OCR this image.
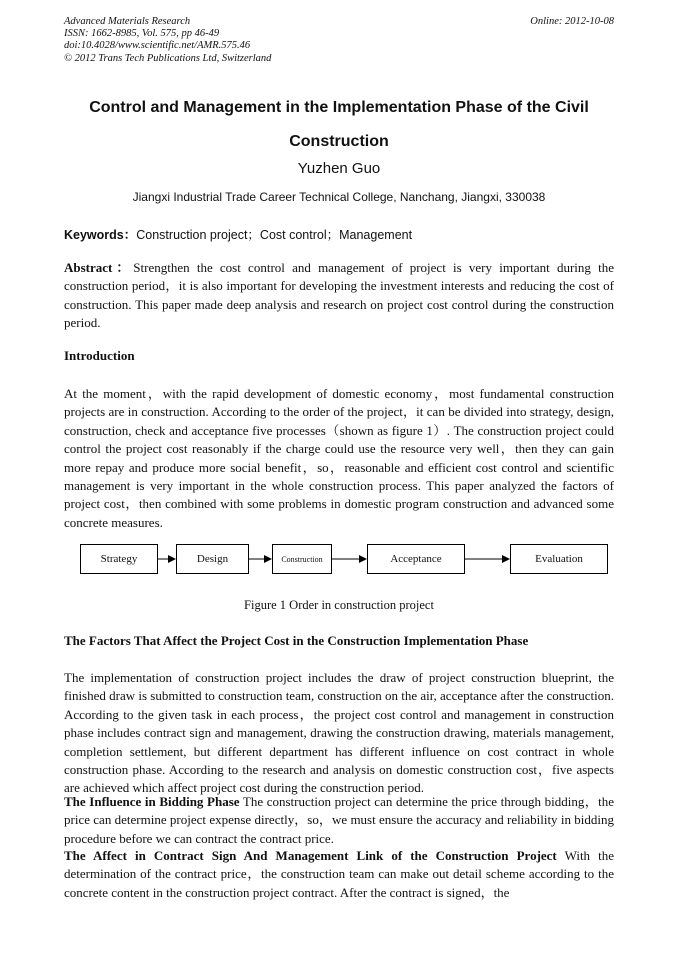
Advanced Materials Research
ISSN: 1662-8985, Vol. 575, pp 46-49
doi:10.4028/www.scientific.net/AMR.575.46
© 2012 Trans Tech Publications Ltd, Switzerland
Online: 2012-10-08
Control and Management in the Implementation Phase of the Civil
Construction
Yuzhen Guo
Jiangxi Industrial Trade Career Technical College, Nanchang, Jiangxi, 330038
Keywords：Construction project；Cost control；Management

Abstract：Strengthen the cost control and management of project is very important during the construction period，it is also important for developing the investment interests and reducing the cost of construction. This paper made deep analysis and research on project cost control during the construction period.

Introduction

At the moment，with the rapid development of domestic economy，most fundamental construction projects are in construction. According to the order of the project，it can be divided into strategy, design, construction, check and acceptance five processes（shown as figure 1）. The construction project could control the project cost reasonably if the charge could use the resource very well，then they can gain more repay and produce more social benefit，so，reasonable and efficient cost control and scientific management is very important in the whole construction process. This paper analyzed the factors of project cost，then combined with some problems in domestic program construction and advanced some concrete measures.

Strategy	Design	Construction	Acceptance	Evaluation
Figure 1 Order in construction project
The Factors That Affect the Project Cost in the Construction Implementation Phase

The implementation of construction project includes the draw of project construction blueprint, the finished draw is submitted to construction team, construction on the air, acceptance after the construction. According to the given task in each process，the project cost control and management in construction phase includes contract sign and management, drawing the construction drawing, materials management, completion settlement, but different department has different influence on cost contract in whole construction phase. According to the research and analysis on domestic construction cost，five aspects are achieved which affect project cost during the construction period.

The Influence in Bidding Phase The construction project can determine the price through bidding，the price can determine project expense directly，so，we must ensure the accuracy and reliability in bidding procedure before we can contract the contract price.

The Affect in Contract Sign And Management Link of the Construction Project With the determination of the contract price，the construction team can make out detail scheme according to the concrete content in the construction project contract. After the contract is signed，the
